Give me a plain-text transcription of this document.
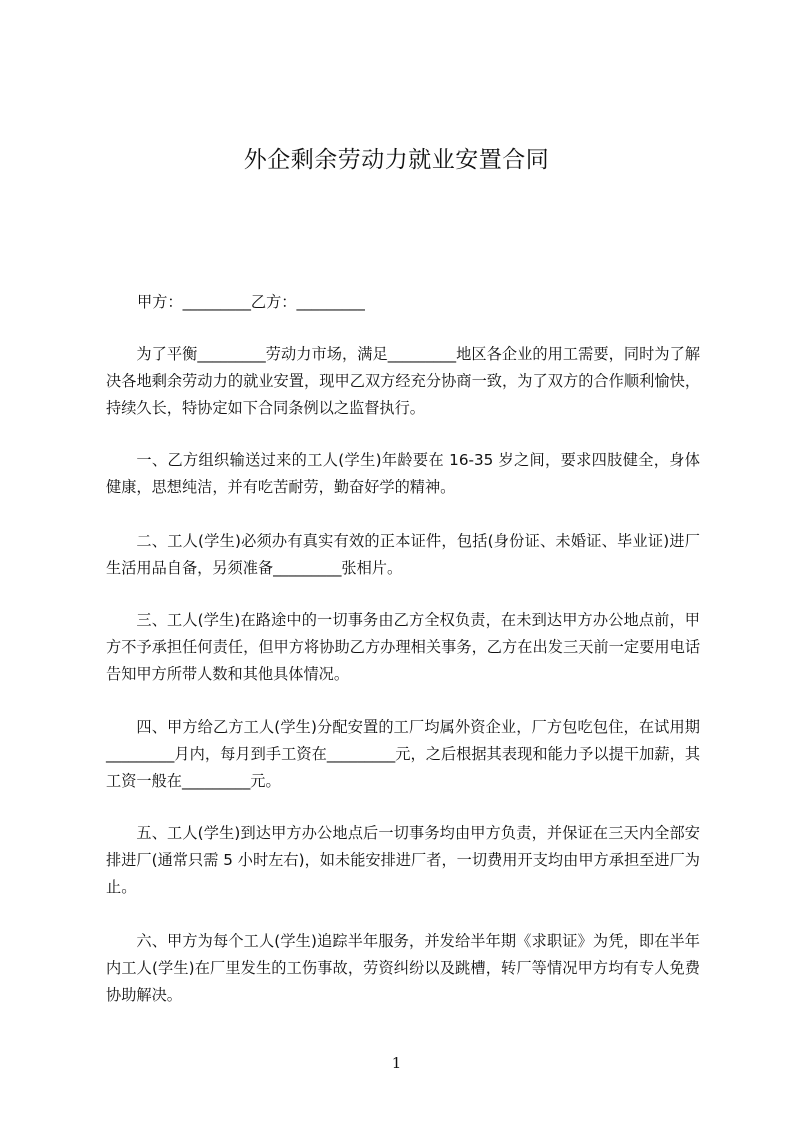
外企剩余劳动力就业安置合同
甲方：_________乙方：_________

为了平衡_________劳动力市场，满足_________地区各企业的用工需要，同时为了解决各地剩余劳动力的就业安置，现甲乙双方经充分协商一致，为了双方的合作顺利愉快，持续久长，特协定如下合同条例以之监督执行。

一、乙方组织输送过来的工人(学生)年龄要在 16-35 岁之间，要求四肢健全，身体健康，思想纯洁，并有吃苦耐劳，勤奋好学的精神。

二、工人(学生)必须办有真实有效的正本证件，包括(身份证、未婚证、毕业证)进厂生活用品自备，另须准备_________张相片。

三、工人(学生)在路途中的一切事务由乙方全权负责，在未到达甲方办公地点前，甲方不予承担任何责任，但甲方将协助乙方办理相关事务，乙方在出发三天前一定要用电话告知甲方所带人数和其他具体情况。

四、甲方给乙方工人(学生)分配安置的工厂均属外资企业，厂方包吃包住，在试用期_________月内，每月到手工资在_________元，之后根据其表现和能力予以提干加薪，其工资一般在_________元。

五、工人(学生)到达甲方办公地点后一切事务均由甲方负责，并保证在三天内全部安排进厂(通常只需 5 小时左右)，如未能安排进厂者，一切费用开支均由甲方承担至进厂为止。

六、甲方为每个工人(学生)追踪半年服务，并发给半年期《求职证》为凭，即在半年内工人(学生)在厂里发生的工伤事故，劳资纠纷以及跳槽，转厂等情况甲方均有专人免费协助解决。

1
